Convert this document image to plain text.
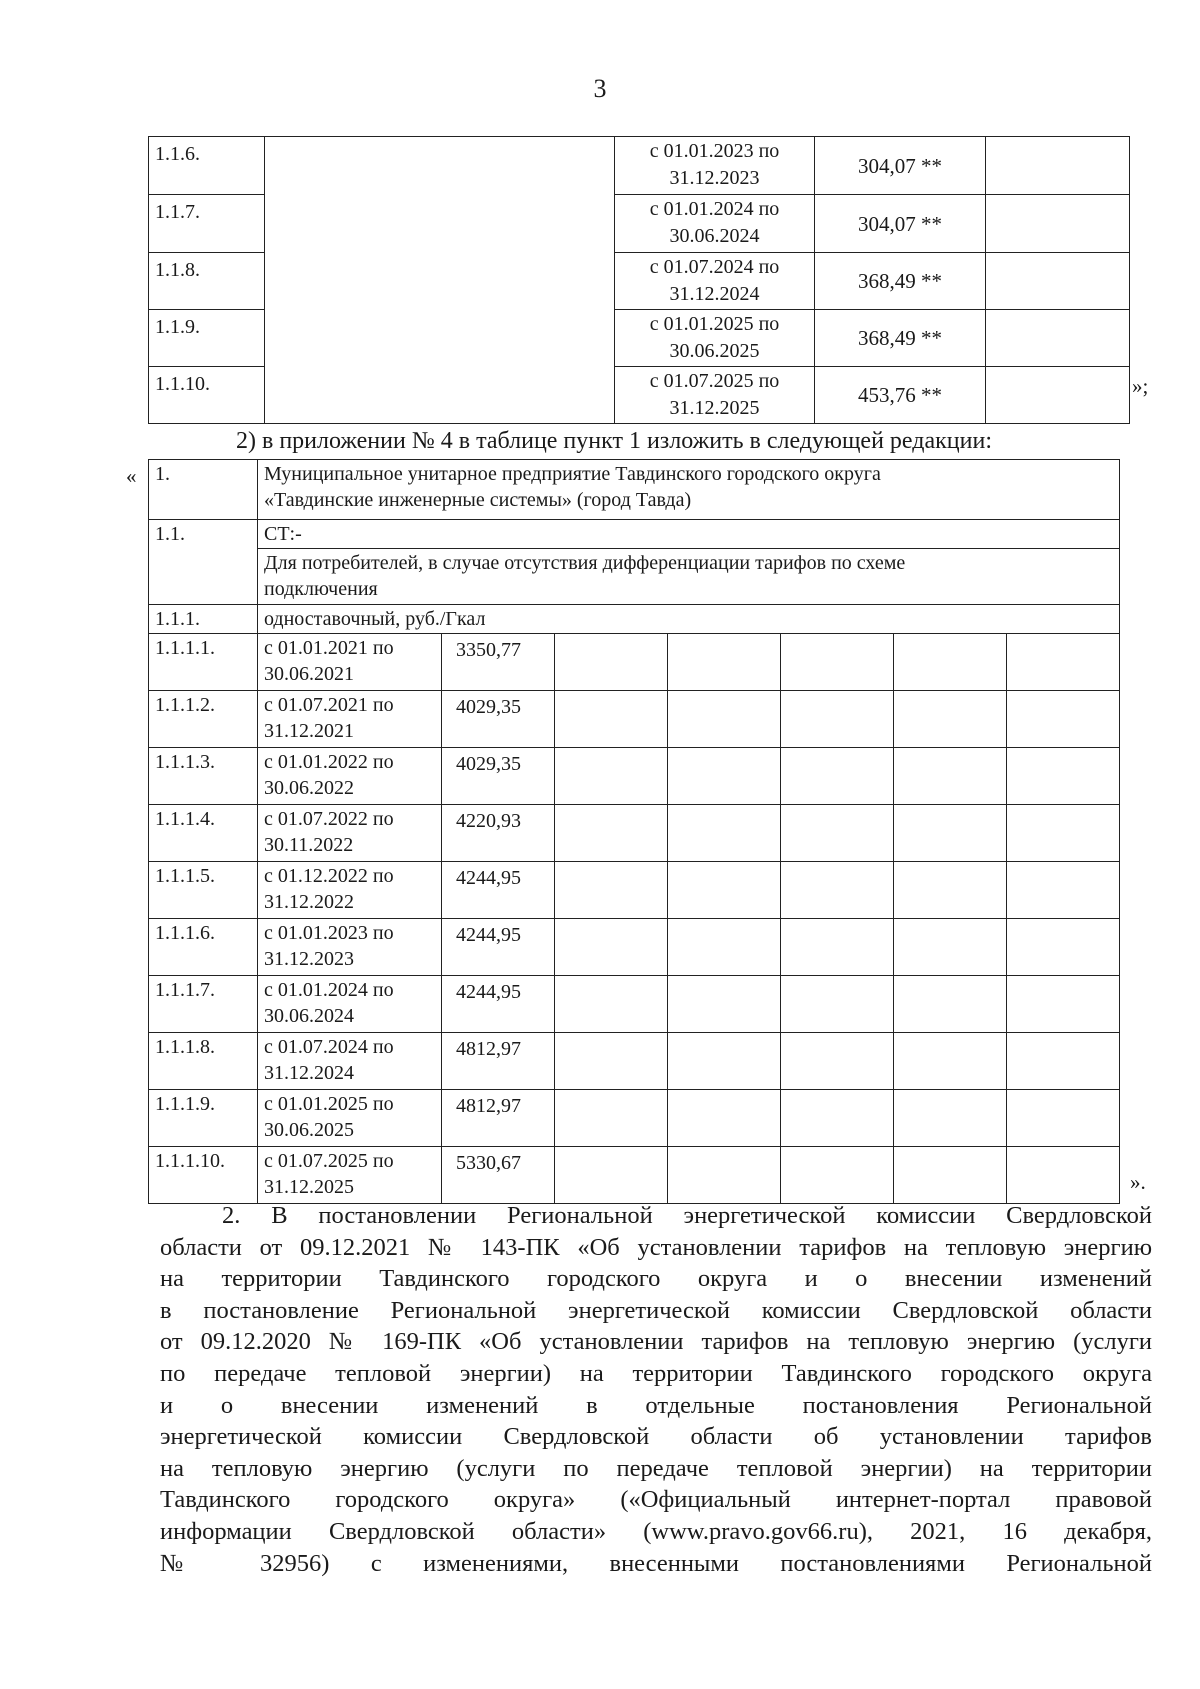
3
1.1.6.		с 01.01.2023 по
31.12.2023	304,07 **	
1.1.7.		с 01.01.2024 по
30.06.2024	304,07 **	
1.1.8.		с 01.07.2024 по
31.12.2024	368,49 **	
1.1.9.		с 01.01.2025 по
30.06.2025	368,49 **	
1.1.10.		с 01.07.2025 по
31.12.2025	453,76 **		»;
2) в приложении № 4 в таблице пункт 1 изложить в следующей редакции:
« 1.	Муниципальное унитарное предприятие Тавдинского городского округа
«Тавдинские инженерные системы» (город Тавда)						

1.1.	СТ:-						

	Для потребителей, в случае отсутствия дифференциации тарифов по схеме
подключения						

1.1.1.	одноставочный, руб./Гкал						
1.1.1.1.	с 01.01.2021 по
30.06.2021	3350,77					
1.1.1.2.	с 01.07.2021 по
31.12.2021	4029,35					
1.1.1.3.	с 01.01.2022 по
30.06.2022	4029,35					
1.1.1.4.	с 01.07.2022 по
30.11.2022	4220,93					
1.1.1.5.	с 01.12.2022 по
31.12.2022	4244,95					
1.1.1.6.	с 01.01.2023 по
31.12.2023	4244,95					
1.1.1.7.	с 01.01.2024 по
30.06.2024	4244,95					
1.1.1.8.	с 01.07.2024 по
31.12.2024	4812,97					
1.1.1.9.	с 01.01.2025 по
30.06.2025	4812,97					
1.1.1.10.	с 01.07.2025 по
31.12.2025	5330,67					
».
2. В постановлении Региональной энергетической комиссии Свердловской
области от 09.12.2021 № 143-ПК «Об установлении тарифов на тепловую энергию
на территории Тавдинского городского округа и о внесении изменений
в постановление Региональной энергетической комиссии Свердловской области
от 09.12.2020 № 169-ПК «Об установлении тарифов на тепловую энергию (услуги
по передаче тепловой энергии) на территории Тавдинского городского округа
и о внесении изменений в отдельные постановления Региональной
энергетической комиссии Свердловской области об установлении тарифов
на тепловую энергию (услуги по передаче тепловой энергии) на территории
Тавдинского городского округа» («Официальный интернет-портал правовой
информации Свердловской области» (www.pravo.gov66.ru), 2021, 16 декабря,
№ 32956) с изменениями, внесенными постановлениями Региональной
